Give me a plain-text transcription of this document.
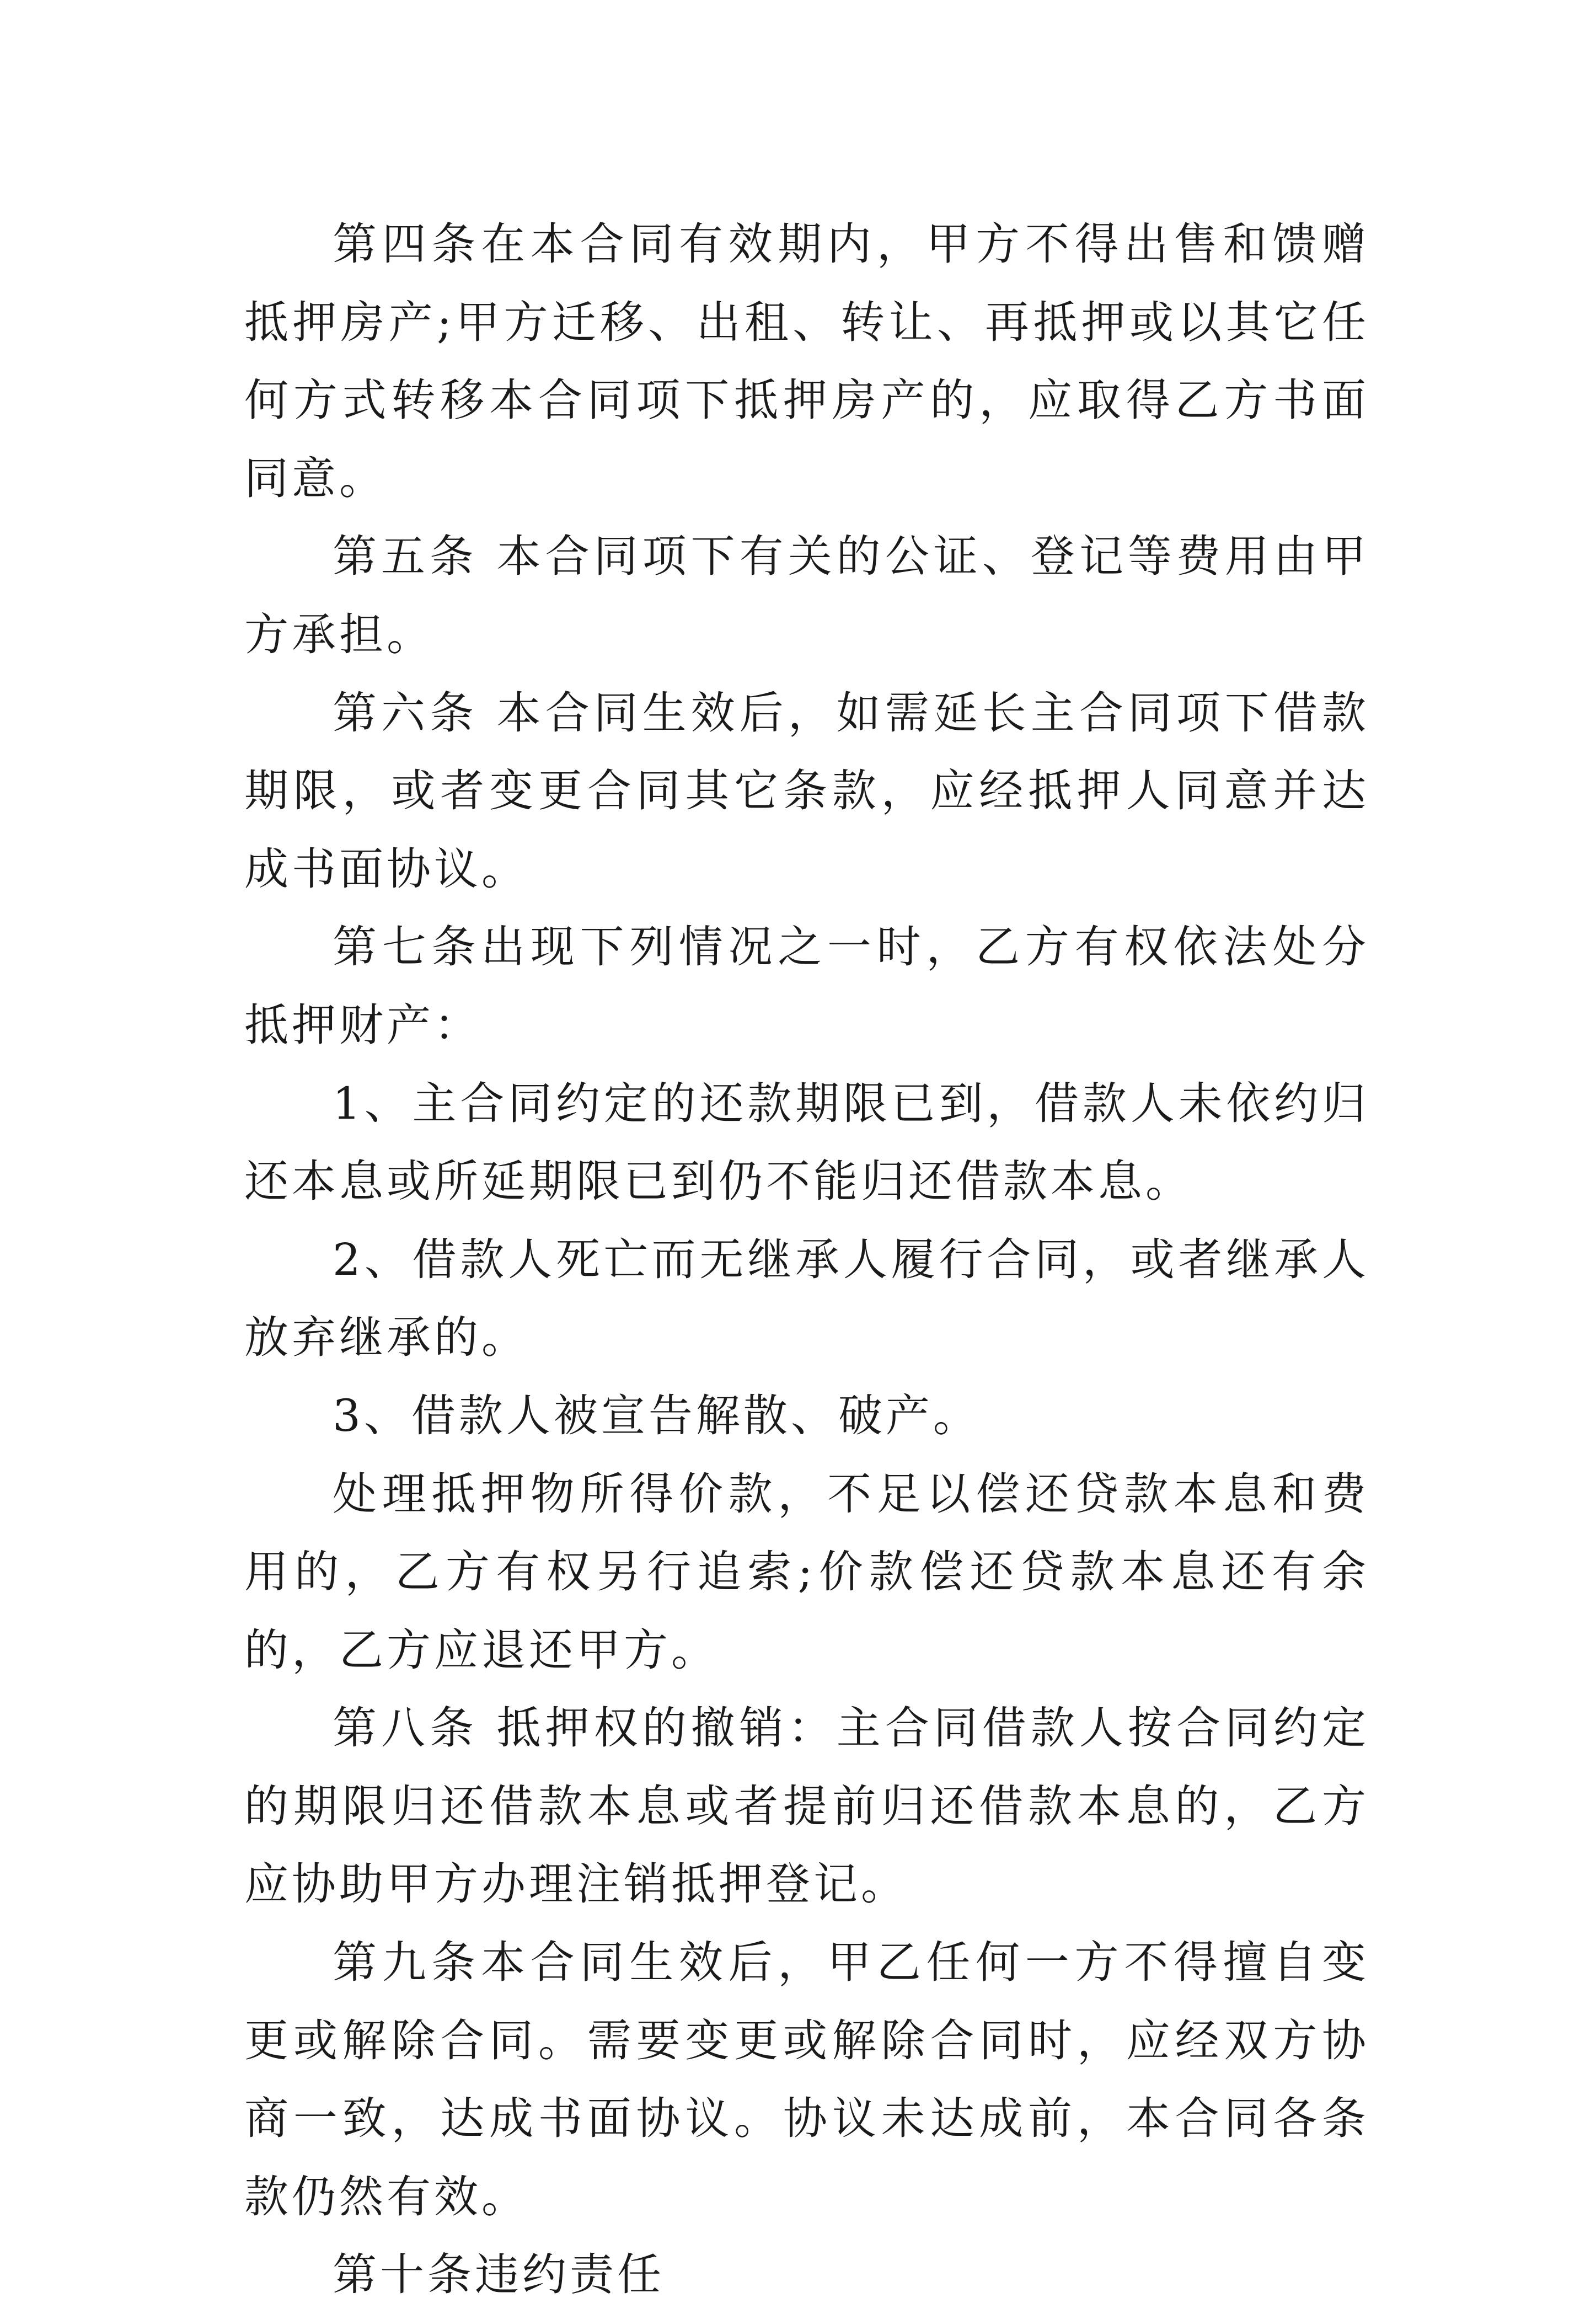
第四条在本合同有效期内，甲方不得出售和馈赠抵押房产;甲方迁移、出租、转让、再抵押或以其它任何方式转移本合同项下抵押房产的，应取得乙方书面同意。

第五条 本合同项下有关的公证、登记等费用由甲方承担。

第六条 本合同生效后，如需延长主合同项下借款期限，或者变更合同其它条款，应经抵押人同意并达成书面协议。

第七条出现下列情况之一时，乙方有权依法处分抵押财产：

1、主合同约定的还款期限已到，借款人未依约归还本息或所延期限已到仍不能归还借款本息。

2、借款人死亡而无继承人履行合同，或者继承人放弃继承的。

3、借款人被宣告解散、破产。

处理抵押物所得价款，不足以偿还贷款本息和费用的，乙方有权另行追索;价款偿还贷款本息还有余的，乙方应退还甲方。

第八条 抵押权的撤销：主合同借款人按合同约定的期限归还借款本息或者提前归还借款本息的，乙方应协助甲方办理注销抵押登记。

第九条本合同生效后，甲乙任何一方不得擅自变更或解除合同。需要变更或解除合同时，应经双方协商一致，达成书面协议。协议未达成前，本合同各条款仍然有效。

第十条违约责任
